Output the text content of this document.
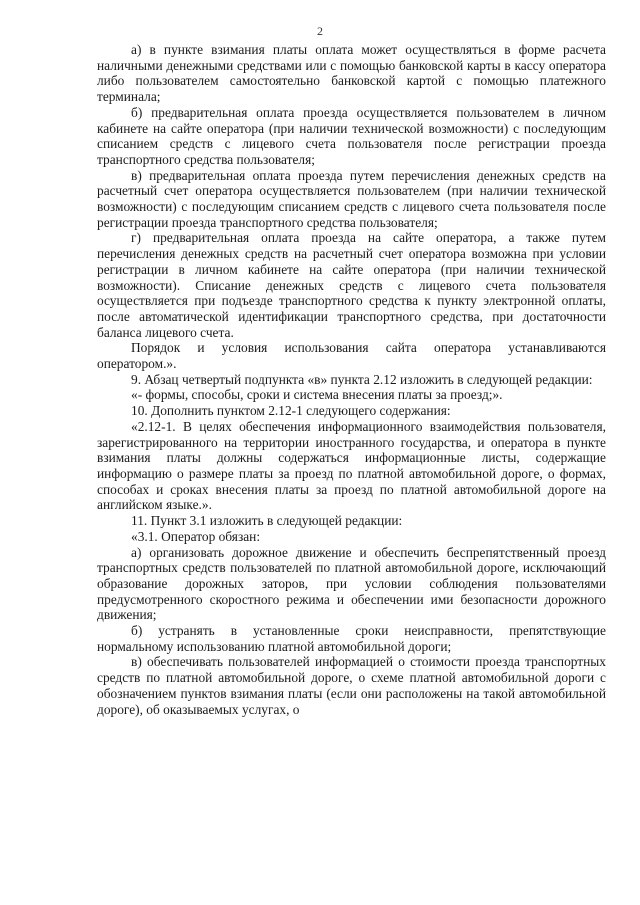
2

а) в пункте взимания платы оплата может осуществляться в форме расчета наличными денежными средствами или с помощью банковской карты в кассу оператора либо пользователем самостоятельно банковской картой с помощью платежного терминала;

б) предварительная оплата проезда осуществляется пользователем в личном кабинете на сайте оператора (при наличии технической возможности) с последующим списанием средств с лицевого счета пользователя после регистрации проезда транспортного средства пользователя;

в) предварительная оплата проезда путем перечисления денежных средств на расчетный счет оператора осуществляется пользователем (при наличии технической возможности) с последующим списанием средств с лицевого счета пользователя после регистрации проезда транспортного средства пользователя;

г) предварительная оплата проезда на сайте оператора, а также путем перечисления денежных средств на расчетный счет оператора возможна при условии регистрации в личном кабинете на сайте оператора (при наличии технической возможности). Списание денежных средств с лицевого счета пользователя осуществляется при подъезде транспортного средства к пункту электронной оплаты, после автоматической идентификации транспортного средства, при достаточности баланса лицевого счета.

Порядок и условия использования сайта оператора устанавливаются оператором.».

9. Абзац четвертый подпункта «в» пункта 2.12 изложить в следующей редакции:

«- формы, способы, сроки и система внесения платы за проезд;».

10. Дополнить пунктом 2.12-1 следующего содержания:

«2.12-1. В целях обеспечения информационного взаимодействия пользователя, зарегистрированного на территории иностранного государства, и оператора в пункте взимания платы должны содержаться информационные листы, содержащие информацию о размере платы за проезд по платной автомобильной дороге, о формах, способах и сроках внесения платы за проезд по платной автомобильной дороге на английском языке.».

11. Пункт 3.1 изложить в следующей редакции:

«3.1. Оператор обязан:

а) организовать дорожное движение и обеспечить беспрепятственный проезд транспортных средств пользователей по платной автомобильной дороге, исключающий образование дорожных заторов, при условии соблюдения пользователями предусмотренного скоростного режима и обеспечении ими безопасности дорожного движения;

б) устранять в установленные сроки неисправности, препятствующие нормальному использованию платной автомобильной дороги;

в) обеспечивать пользователей информацией о стоимости проезда транспортных средств по платной автомобильной дороге, о схеме платной автомобильной дороги с обозначением пунктов взимания платы (если они расположены на такой автомобильной дороге), об оказываемых услугах, о
